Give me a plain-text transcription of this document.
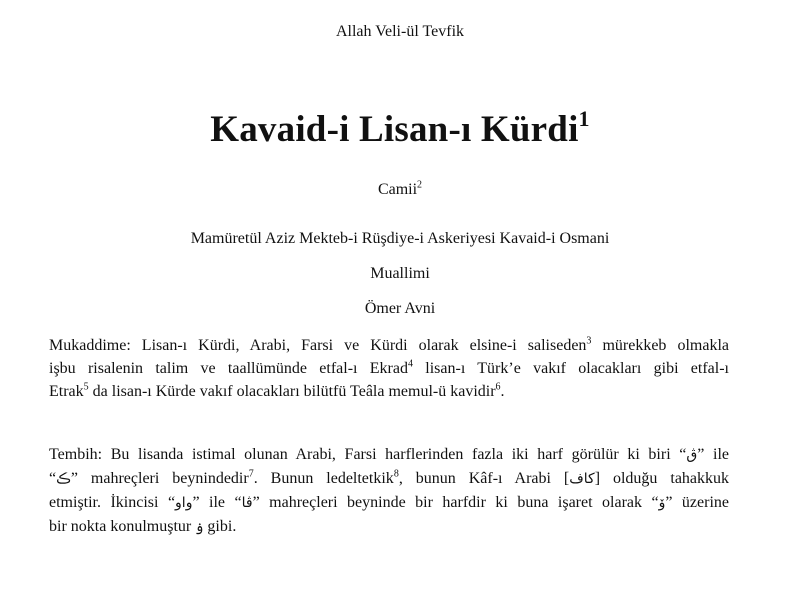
Allah Veli-ül Tevfik
Kavaid-i Lisan-ı Kürdi$^1$
Camii$^2$
Mamüretül Aziz Mekteb-i Rüşdiye-i Askeriyesi Kavaid-i Osmani
Muallimi
Ömer Avni
Mukaddime: Lisan-ı Kürdi, Arabi, Farsi ve Kürdi olarak elsine-i saliseden$^3$ mürekkeb olmakla
işbu risalenin talim ve taallümünde etfal-ı Ekrad$^4$ lisan-ı Türk’e vakıf olacakları gibi etfal-ı
Etrak$^5$ da lisan-ı Kürde vakıf olacakları bilütfü Teâla memul-ü kavidir$^6$.
Tembih: Bu lisanda istimal olunan Arabi, Farsi harflerinden fazla iki harf görülür ki biri “ڨ” ile
“ڪ” mahreçleri beynindedir$^7$. Bunun ledeltetkik$^8$, bunun Kâf-ı Arabi [كاف] olduğu tahakkuk
etmiştir. İkincisi “واو” ile “ڤا” mahreçleri beyninde bir harfdir ki buna işaret olarak “ۆ” üzerine
bir nokta konulmuştur ۏ gibi.
